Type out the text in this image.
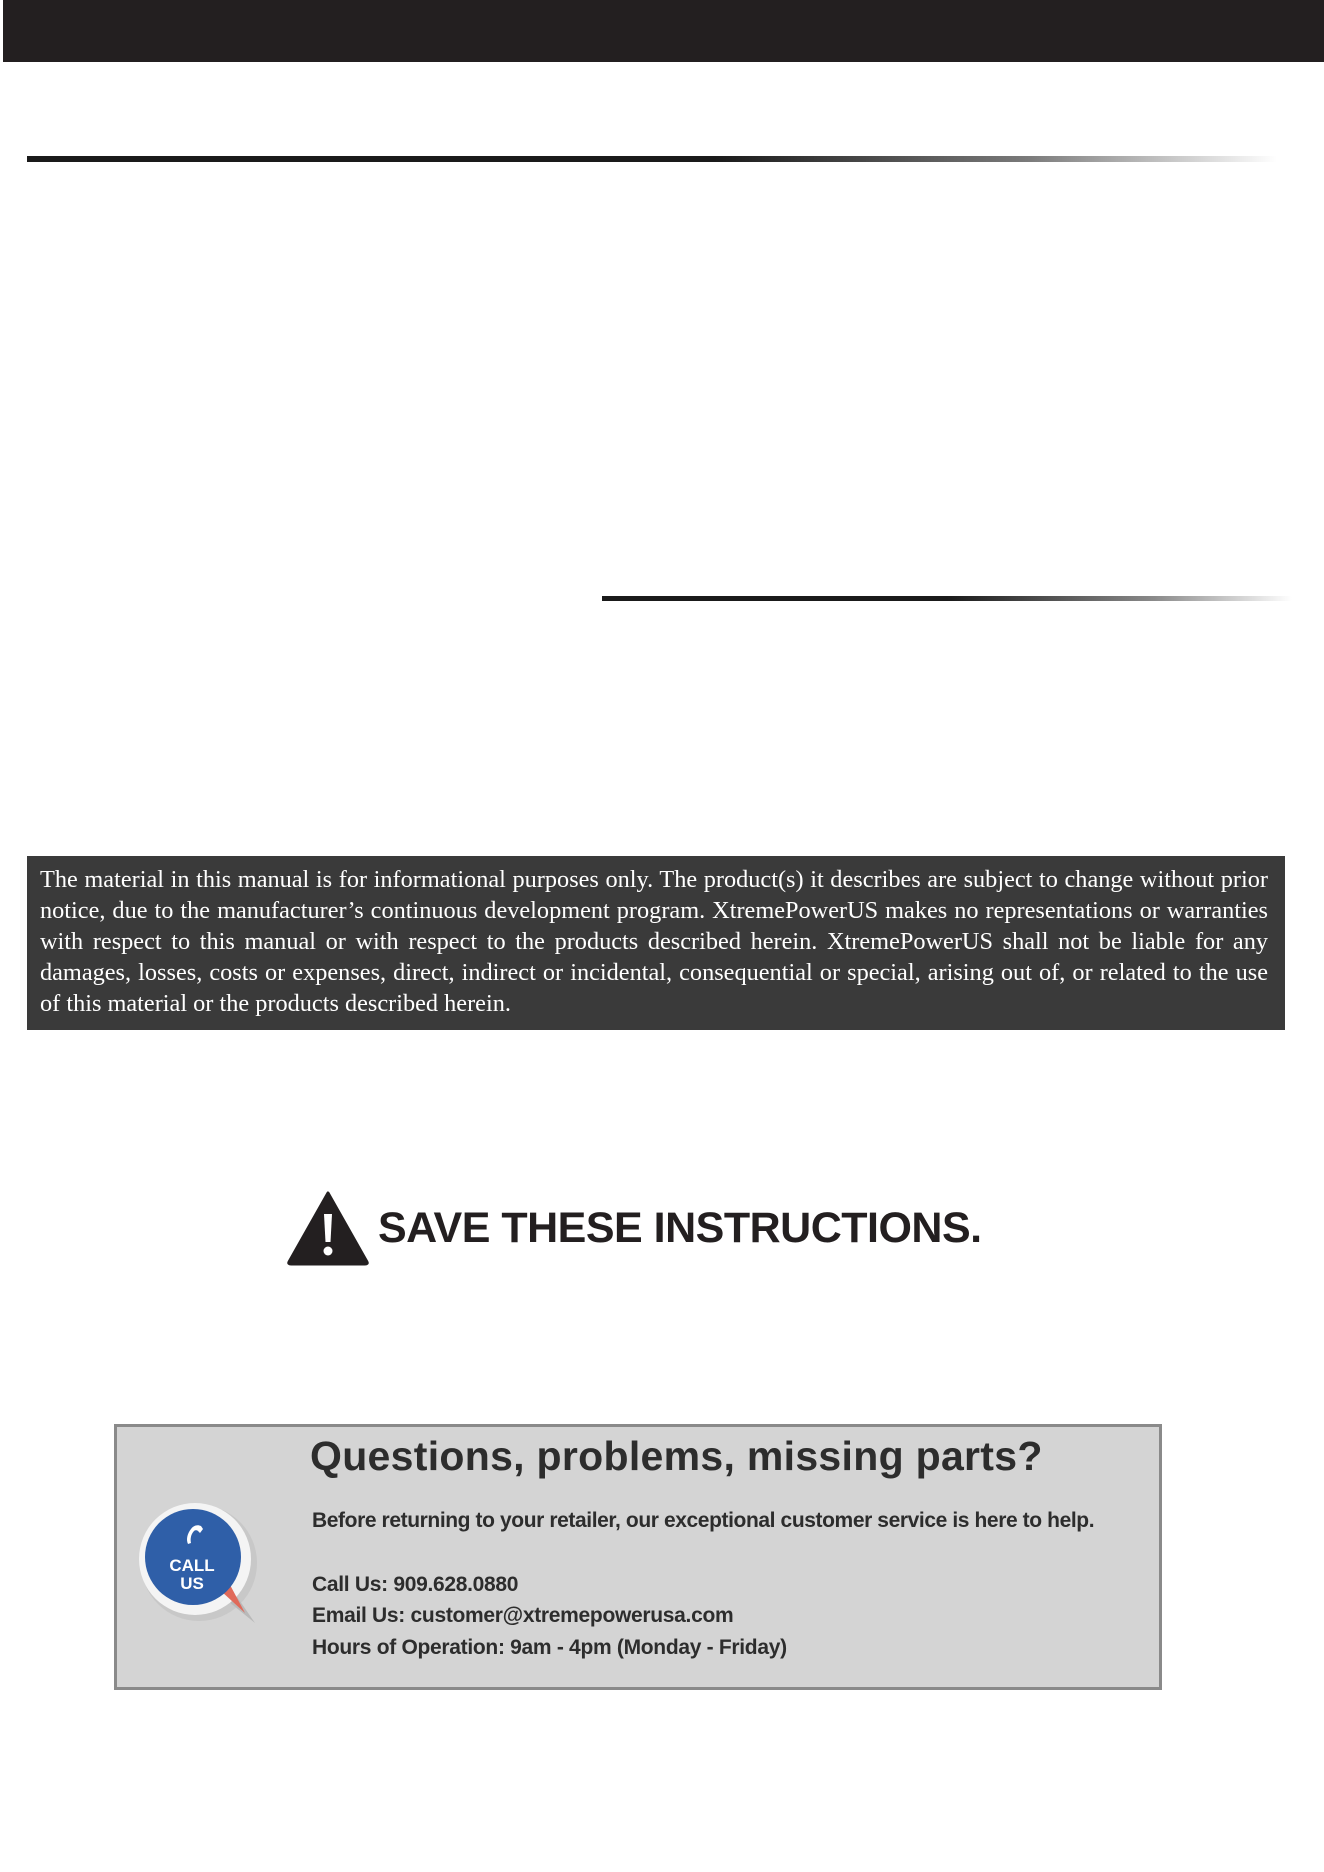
The material in this manual is for informational purposes only. The product(s) it describes are subject to change without prior notice, due to the manufacturer’s continuous development program. XtremePowerUS makes no representations or warranties with respect to this manual or with respect to the products described herein. XtremePowerUS shall not be liable for any damages, losses, costs or expenses, direct, indirect or incidental, consequential or special, arising out of, or related to the use of this material or the products described herein.

SAVE THESE INSTRUCTIONS.
CALL
US
Questions, problems, missing parts?
Before returning to your retailer, our exceptional customer service is here to help.
Call Us: 909.628.0880
Email Us: customer@xtremepowerusa.com
Hours of Operation: 9am - 4pm (Monday - Friday)
